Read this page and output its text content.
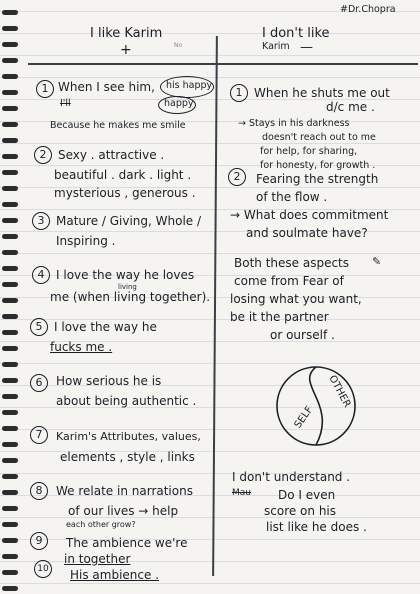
#Dr.Chopra
I like Karim
+	No
I don't like
Karim —
1 When I see him, his happy
I'll	happy
Because he makes me smile
2 Sexy . attractive .
beautiful . dark . light .
mysterious , generous .
3 Mature / Giving, Whole /
Inspiring .
4 I love the way he loves
living
me (when living together).
5 I love the way he
fucks me .
6	How serious he is
about being authentic .
7	Karim's Attributes, values,
elements , style , links
8	We relate in narrations
of our lives → help
each other grow?
9	The ambience we're
in together
10 His ambience .
1 When he shuts me out
d/c me .
→ Stays in his darkness
doesn't reach out to me
for help, for sharing,
for honesty, for growth .
2	Fearing the strength
of the flow .
→ What does commitment
and soulmate have?
Both these aspects ✎
come from Fear of
losing what you want,
be it the partner
or ourself .
SELF
OTHER
I don't understand .
Mau Do I even
score on his
list like he does .
